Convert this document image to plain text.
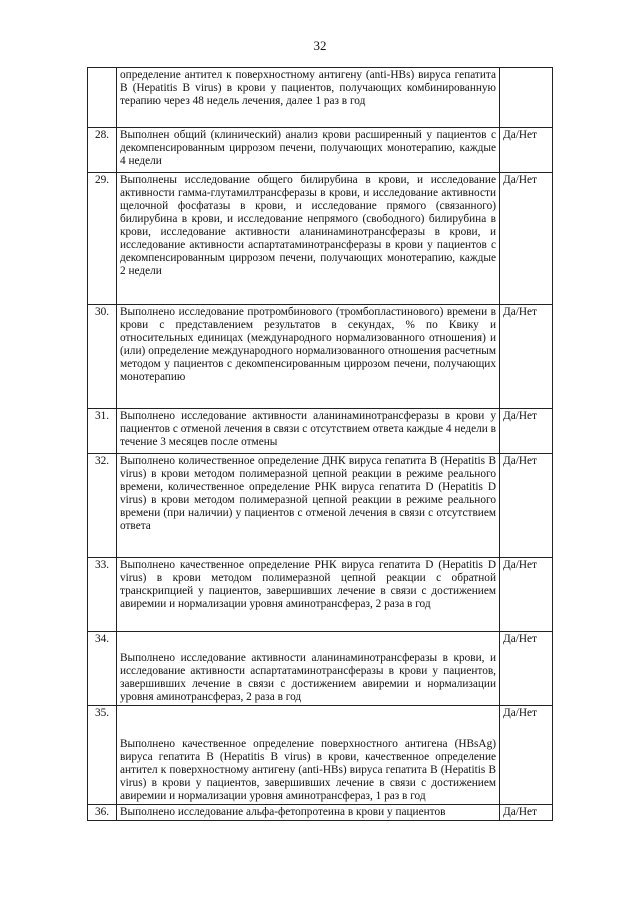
32
	определение антител к поверхностному антигену (anti-HBs) вируса гепатита B (Hepatitis B virus) в крови у пациентов, получающих комбинированную терапию через 48 недель лечения, далее 1 раз в год	
28.	Выполнен общий (клинический) анализ крови расширенный у пациентов с декомпенсированным циррозом печени, получающих монотерапию, каждые 4 недели	Да/Нет
29.	Выполнены исследование общего билирубина в крови, и исследование активности гамма-глутамилтрансферазы в крови, и исследование активности щелочной фосфатазы в крови, и исследование прямого (связанного) билирубина в крови, и исследование непрямого (свободного) билирубина в крови, исследование активности аланинаминотрансферазы в крови, и исследование активности аспартатаминотрансферазы в крови у пациентов с декомпенсированным циррозом печени, получающих монотерапию, каждые 2 недели	Да/Нет
30.	Выполнено исследование протромбинового (тромбопластинового) времени в крови с представлением результатов в секундах, % по Квику и относительных единицах (международного нормализованного отношения) и (или) определение международного нормализованного отношения расчетным методом у пациентов с декомпенсированным циррозом печени, получающих монотерапию	Да/Нет
31.	Выполнено исследование активности аланинаминотрансферазы в крови у пациентов с отменой лечения в связи с отсутствием ответа каждые 4 недели в течение 3 месяцев после отмены	Да/Нет
32.	Выполнено количественное определение ДНК вируса гепатита B (Hepatitis B virus) в крови методом полимеразной цепной реакции в режиме реального времени, количественное определение РНК вируса гепатита D (Hepatitis D virus) в крови методом полимеразной цепной реакции в режиме реального времени (при наличии) у пациентов с отменой лечения в связи с отсутствием ответа	Да/Нет
33.	Выполнено качественное определение РНК вируса гепатита D (Hepatitis D virus) в крови методом полимеразной цепной реакции с обратной транскрипцией у пациентов, завершивших лечение в связи с достижением авиремии и нормализации уровня аминотрансфераз, 2 раза в год	Да/Нет
34.	Выполнено исследование активности аланинаминотрансферазы в крови, и исследование активности аспартатаминотрансферазы в крови у пациентов, завершивших лечение в связи с достижением авиремии и нормализации уровня аминотрансфераз, 2 раза в год	Да/Нет
35.	Выполнено качественное определение поверхностного антигена (HBsAg) вируса гепатита B (Hepatitis B virus) в крови, качественное определение антител к поверхностному антигену (anti-HBs) вируса гепатита B (Hepatitis B virus) в крови у пациентов, завершивших лечение в связи с достижением авиремии и нормализации уровня аминотрансфераз, 1 раз в год	Да/Нет
36.	Выполнено исследование альфа-фетопротеина в крови у пациентов	Да/Нет
